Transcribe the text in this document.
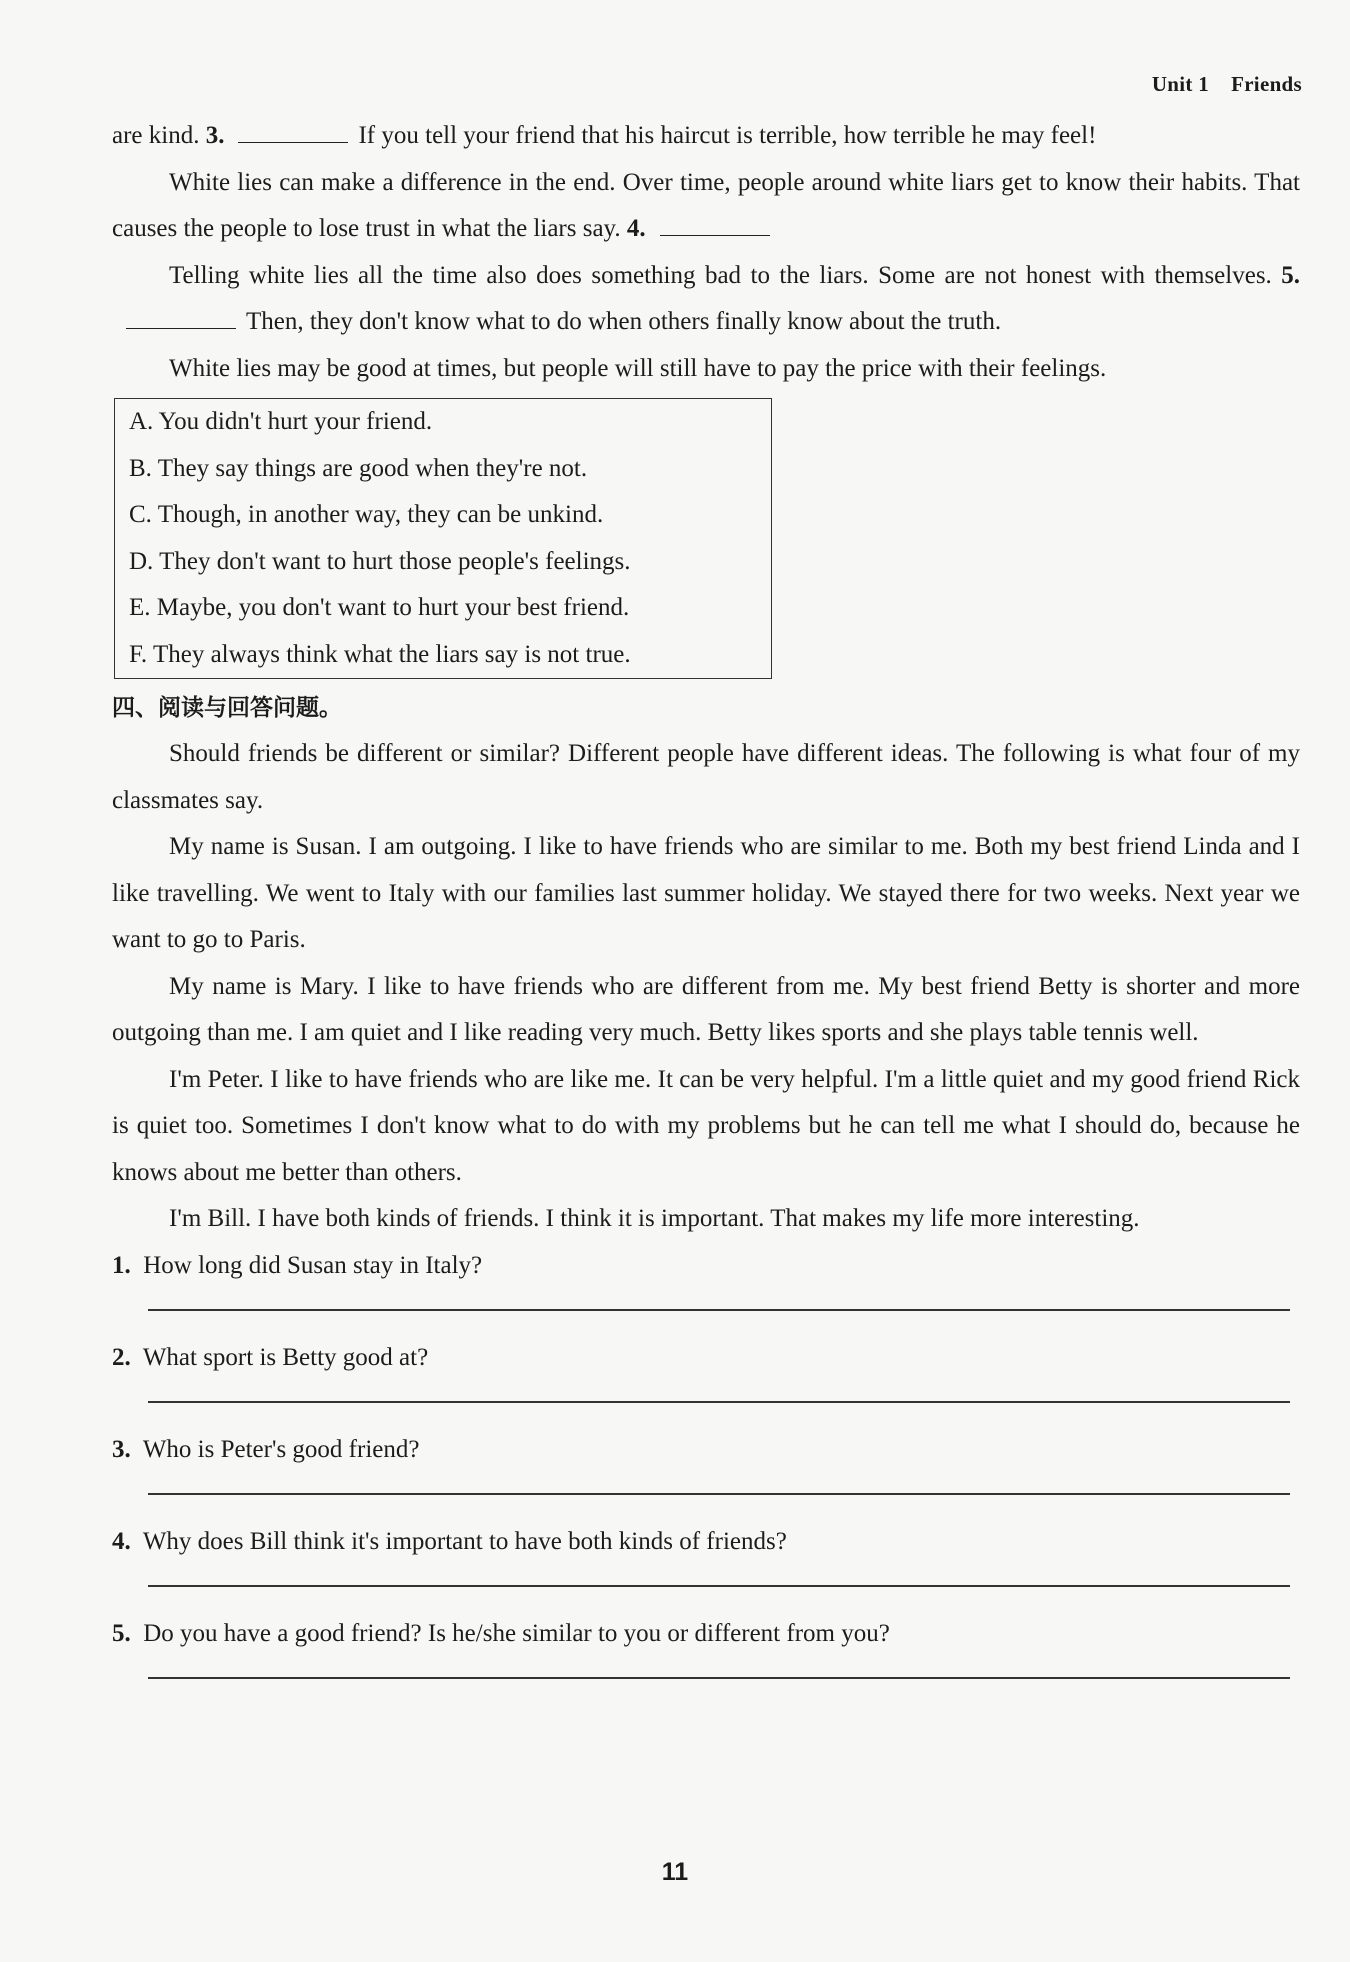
Unit 1 Friends

are kind. 3.	If you tell your friend that his haircut is terrible, how terrible he may feel!

White lies can make a difference in the end. Over time, people around white liars get to know their habits. That causes the people to lose trust in what the liars say. 4.

Telling white lies all the time also does something bad to the liars. Some are not honest with themselves. 5.Then, they don't know what to do when others finally know about the truth.

White lies may be good at times, but people will still have to pay the price with their feelings.

A. You didn't hurt your friend.
B. They say things are good when they're not.
C. Though, in another way, they can be unkind.
D. They don't want to hurt those people's feelings.
E. Maybe, you don't want to hurt your best friend.
F. They always think what the liars say is not true.
四、阅读与回答问题。

Should friends be different or similar? Different people have different ideas. The following is what four of my classmates say.

My name is Susan. I am outgoing. I like to have friends who are similar to me. Both my best friend Linda and I like travelling. We went to Italy with our families last summer holiday. We stayed there for two weeks. Next year we want to go to Paris.

My name is Mary. I like to have friends who are different from me. My best friend Betty is shorter and more outgoing than me. I am quiet and I like reading very much. Betty likes sports and she plays table tennis well.

I'm Peter. I like to have friends who are like me. It can be very helpful. I'm a little quiet and my good friend Rick is quiet too. Sometimes I don't know what to do with my problems but he can tell me what I should do, because he knows about me better than others.

I'm Bill. I have both kinds of friends. I think it is important. That makes my life more interesting.

1. How long did Susan stay in Italy?

2. What sport is Betty good at?

3. Who is Peter's good friend?

4. Why does Bill think it's important to have both kinds of friends?

5. Do you have a good friend? Is he/she similar to you or different from you?

11
